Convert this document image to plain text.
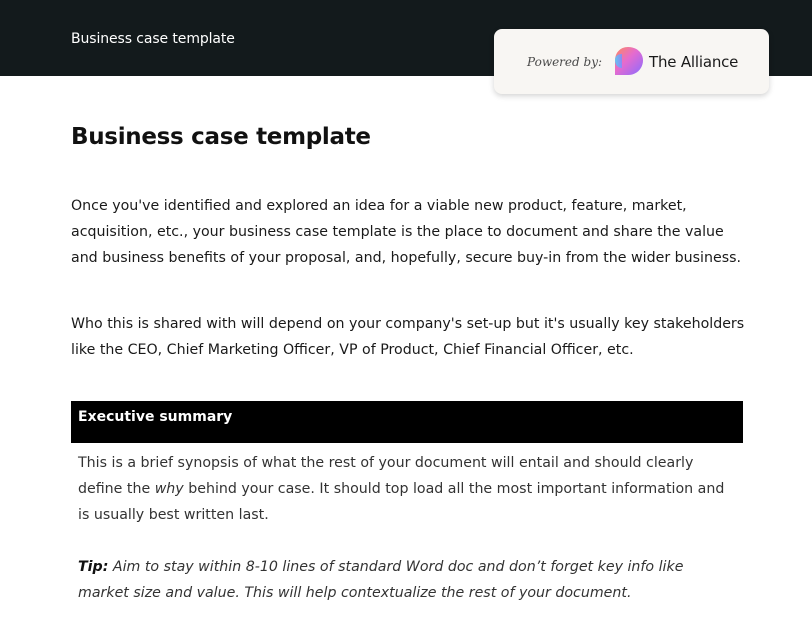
Business case template
Powered by:	The Alliance
Business case template

Once you've identified and explored an idea for a viable new product, feature, market, acquisition, etc., your business case template is the place to document and share the value and business benefits of your proposal, and, hopefully, secure buy-in from the wider business.

Who this is shared with will depend on your company's set-up but it's usually key stakeholders like the CEO, Chief Marketing Officer, VP of Product, Chief Financial Officer, etc.

Executive summary

This is a brief synopsis of what the rest of your document will entail and should clearly define the why behind your case. It should top load all the most important information and is usually best written last.

Tip: Aim to stay within 8-10 lines of standard Word doc and don’t forget key info like market size and value. This will help contextualize the rest of your document.
